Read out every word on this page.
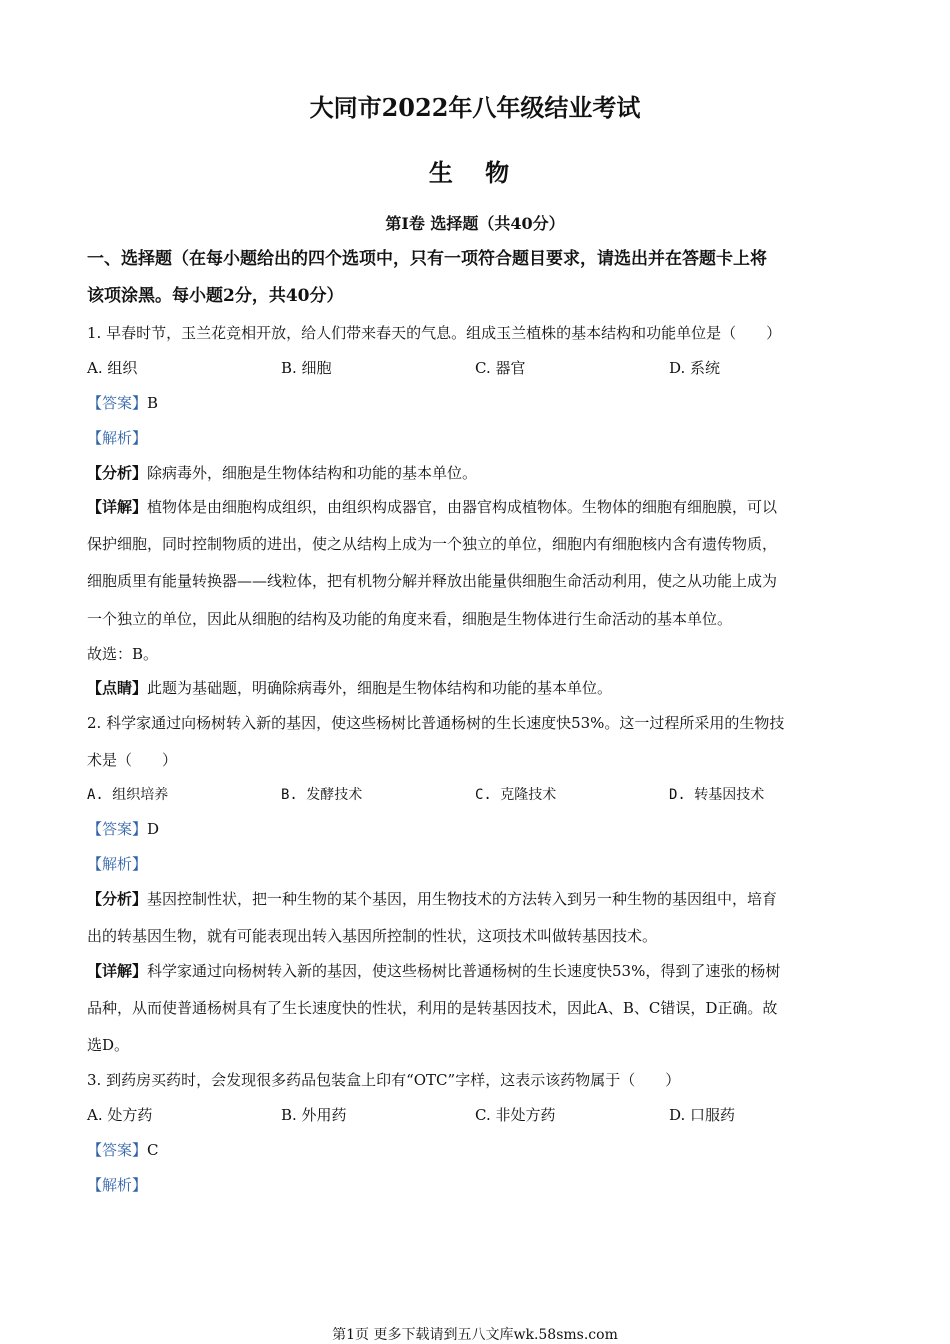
大同市2022年八年级结业考试
生 物
第Ⅰ卷 选择题（共40分）
一、选择题（在每小题给出的四个选项中，只有一项符合题目要求，请选出并在答题卡上将
该项涂黑。每小题2分，共40分）
1. 早春时节，玉兰花竞相开放，给人们带来春天的气息。组成玉兰植株的基本结构和功能单位是（　　）
A. 组织	B. 细胞	C. 器官	D. 系统
【答案】B
【解析】
【分析】除病毒外，细胞是生物体结构和功能的基本单位。
【详解】植物体是由细胞构成组织，由组织构成器官，由器官构成植物体。生物体的细胞有细胞膜，可以
保护细胞，同时控制物质的进出，使之从结构上成为一个独立的单位，细胞内有细胞核内含有遗传物质，
细胞质里有能量转换器——线粒体，把有机物分解并释放出能量供细胞生命活动利用，使之从功能上成为
一个独立的单位，因此从细胞的结构及功能的角度来看，细胞是生物体进行生命活动的基本单位。
故选：B。
【点睛】此题为基础题，明确除病毒外，细胞是生物体结构和功能的基本单位。
2. 科学家通过向杨树转入新的基因，使这些杨树比普通杨树的生长速度快53%。这一过程所采用的生物技
术是（　　）
A. 组织培养	B. 发酵技术	C. 克隆技术	D. 转基因技术
【答案】D
【解析】
【分析】基因控制性状，把一种生物的某个基因，用生物技术的方法转入到另一种生物的基因组中，培育
出的转基因生物，就有可能表现出转入基因所控制的性状，这项技术叫做转基因技术。
【详解】科学家通过向杨树转入新的基因，使这些杨树比普通杨树的生长速度快53%，得到了速张的杨树
品种，从而使普通杨树具有了生长速度快的性状，利用的是转基因技术，因此A、B、C错误，D正确。故
选D。
3. 到药房买药时，会发现很多药品包装盒上印有“OTC”字样，这表示该药物属于（　　）
A. 处方药	B. 外用药	C. 非处方药	D. 口服药
【答案】C
【解析】
第1页 更多下载请到五八文库wk.58sms.com
